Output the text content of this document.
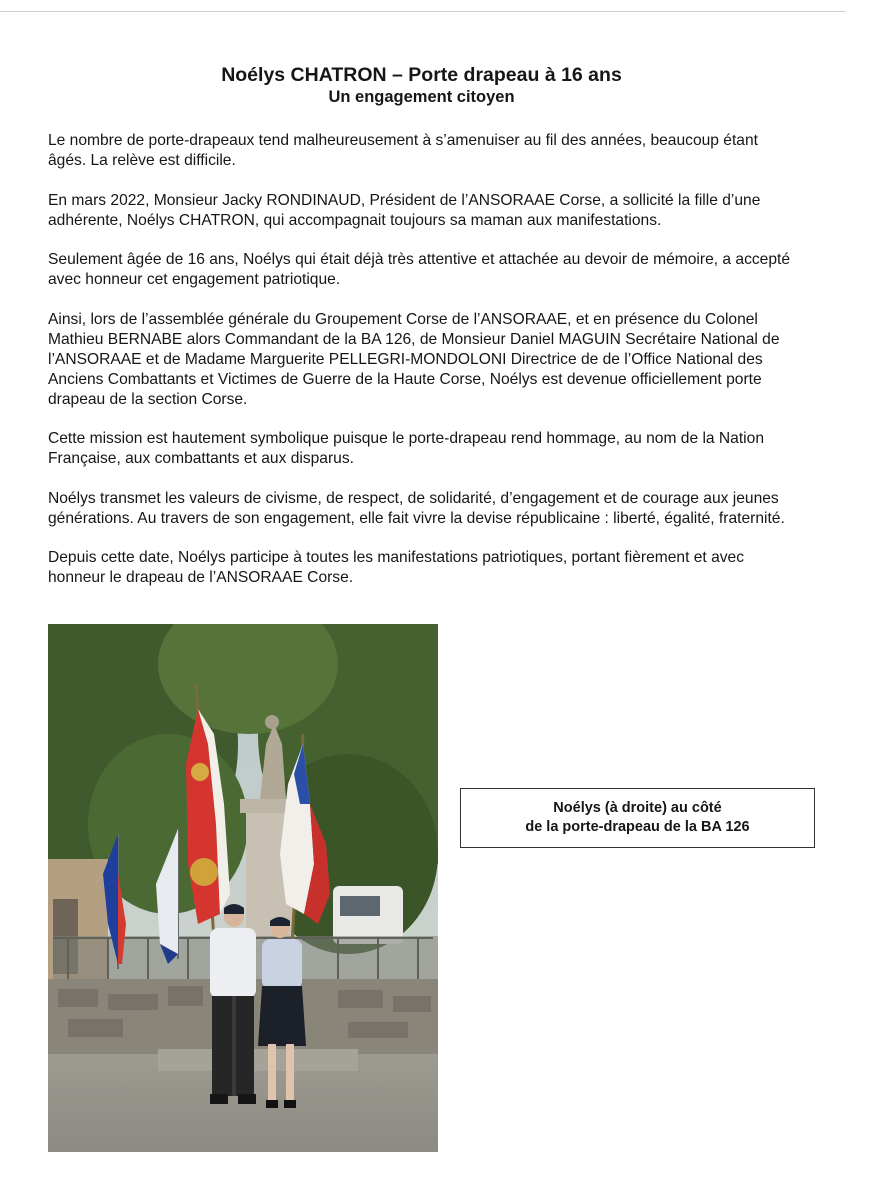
Noélys CHATRON – Porte drapeau à 16 ans
Un engagement citoyen

Le nombre de porte-drapeaux tend malheureusement à s’amenuiser au fil des années, beaucoup étant âgés. La relève est difficile.

En mars 2022, Monsieur Jacky RONDINAUD, Président de l’ANSORAAE Corse, a sollicité la fille d’une adhérente, Noélys CHATRON, qui accompagnait toujours sa maman aux manifestations.

Seulement âgée de 16 ans, Noélys qui était déjà très attentive et attachée au devoir de mémoire, a accepté avec honneur cet engagement patriotique.

Ainsi, lors de l’assemblée générale du Groupement Corse de l’ANSORAAE, et en présence du Colonel Mathieu BERNABE alors Commandant de la BA 126, de Monsieur Daniel MAGUIN Secrétaire National de l’ANSORAAE et de Madame Marguerite PELLEGRI-MONDOLONI Directrice de de l’Office National des Anciens Combattants et Victimes de Guerre de la Haute Corse, Noélys est devenue officiellement porte drapeau de la section Corse.

Cette mission est hautement symbolique puisque le porte-drapeau rend hommage, au nom de la Nation Française, aux combattants et aux disparus.

Noélys transmet les valeurs de civisme, de respect, de solidarité, d’engagement et de courage aux jeunes générations. Au travers de son engagement, elle fait vivre la devise républicaine : liberté, égalité, fraternité.

Depuis cette date, Noélys participe à toutes les manifestations patriotiques, portant fièrement et avec honneur le drapeau de l’ANSORAAE Corse.

Noélys (à droite) au côté
de la porte-drapeau de la BA 126
